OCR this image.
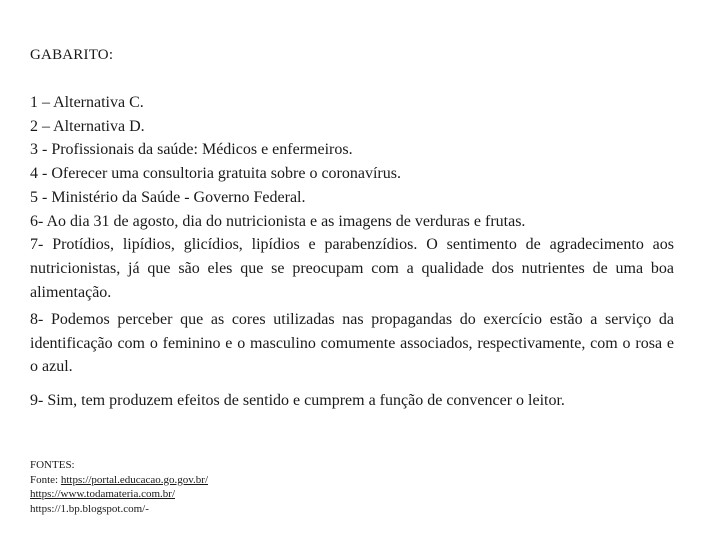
GABARITO:
1 – Alternativa C.
2 – Alternativa D.
3 - Profissionais da saúde: Médicos e enfermeiros.
4 - Oferecer uma consultoria gratuita sobre o coronavírus.
5 - Ministério da Saúde - Governo Federal.
6- Ao dia 31 de agosto, dia do nutricionista e as imagens de verduras e frutas.
7- Protídios, lipídios, glicídios, lipídios e parabenzídios. O sentimento de agradecimento aos nutricionistas, já que são eles que se preocupam com a qualidade dos nutrientes de uma boa alimentação.
8- Podemos perceber que as cores utilizadas nas propagandas do exercício estão a serviço da identificação com o feminino e o masculino comumente associados, respectivamente, com o rosa e o azul.
9- Sim, tem produzem efeitos de sentido e cumprem a função de convencer o leitor.
FONTES:
Fonte: https://portal.educacao.go.gov.br/
https://www.todamateria.com.br/
https://1.bp.blogspot.com/-
